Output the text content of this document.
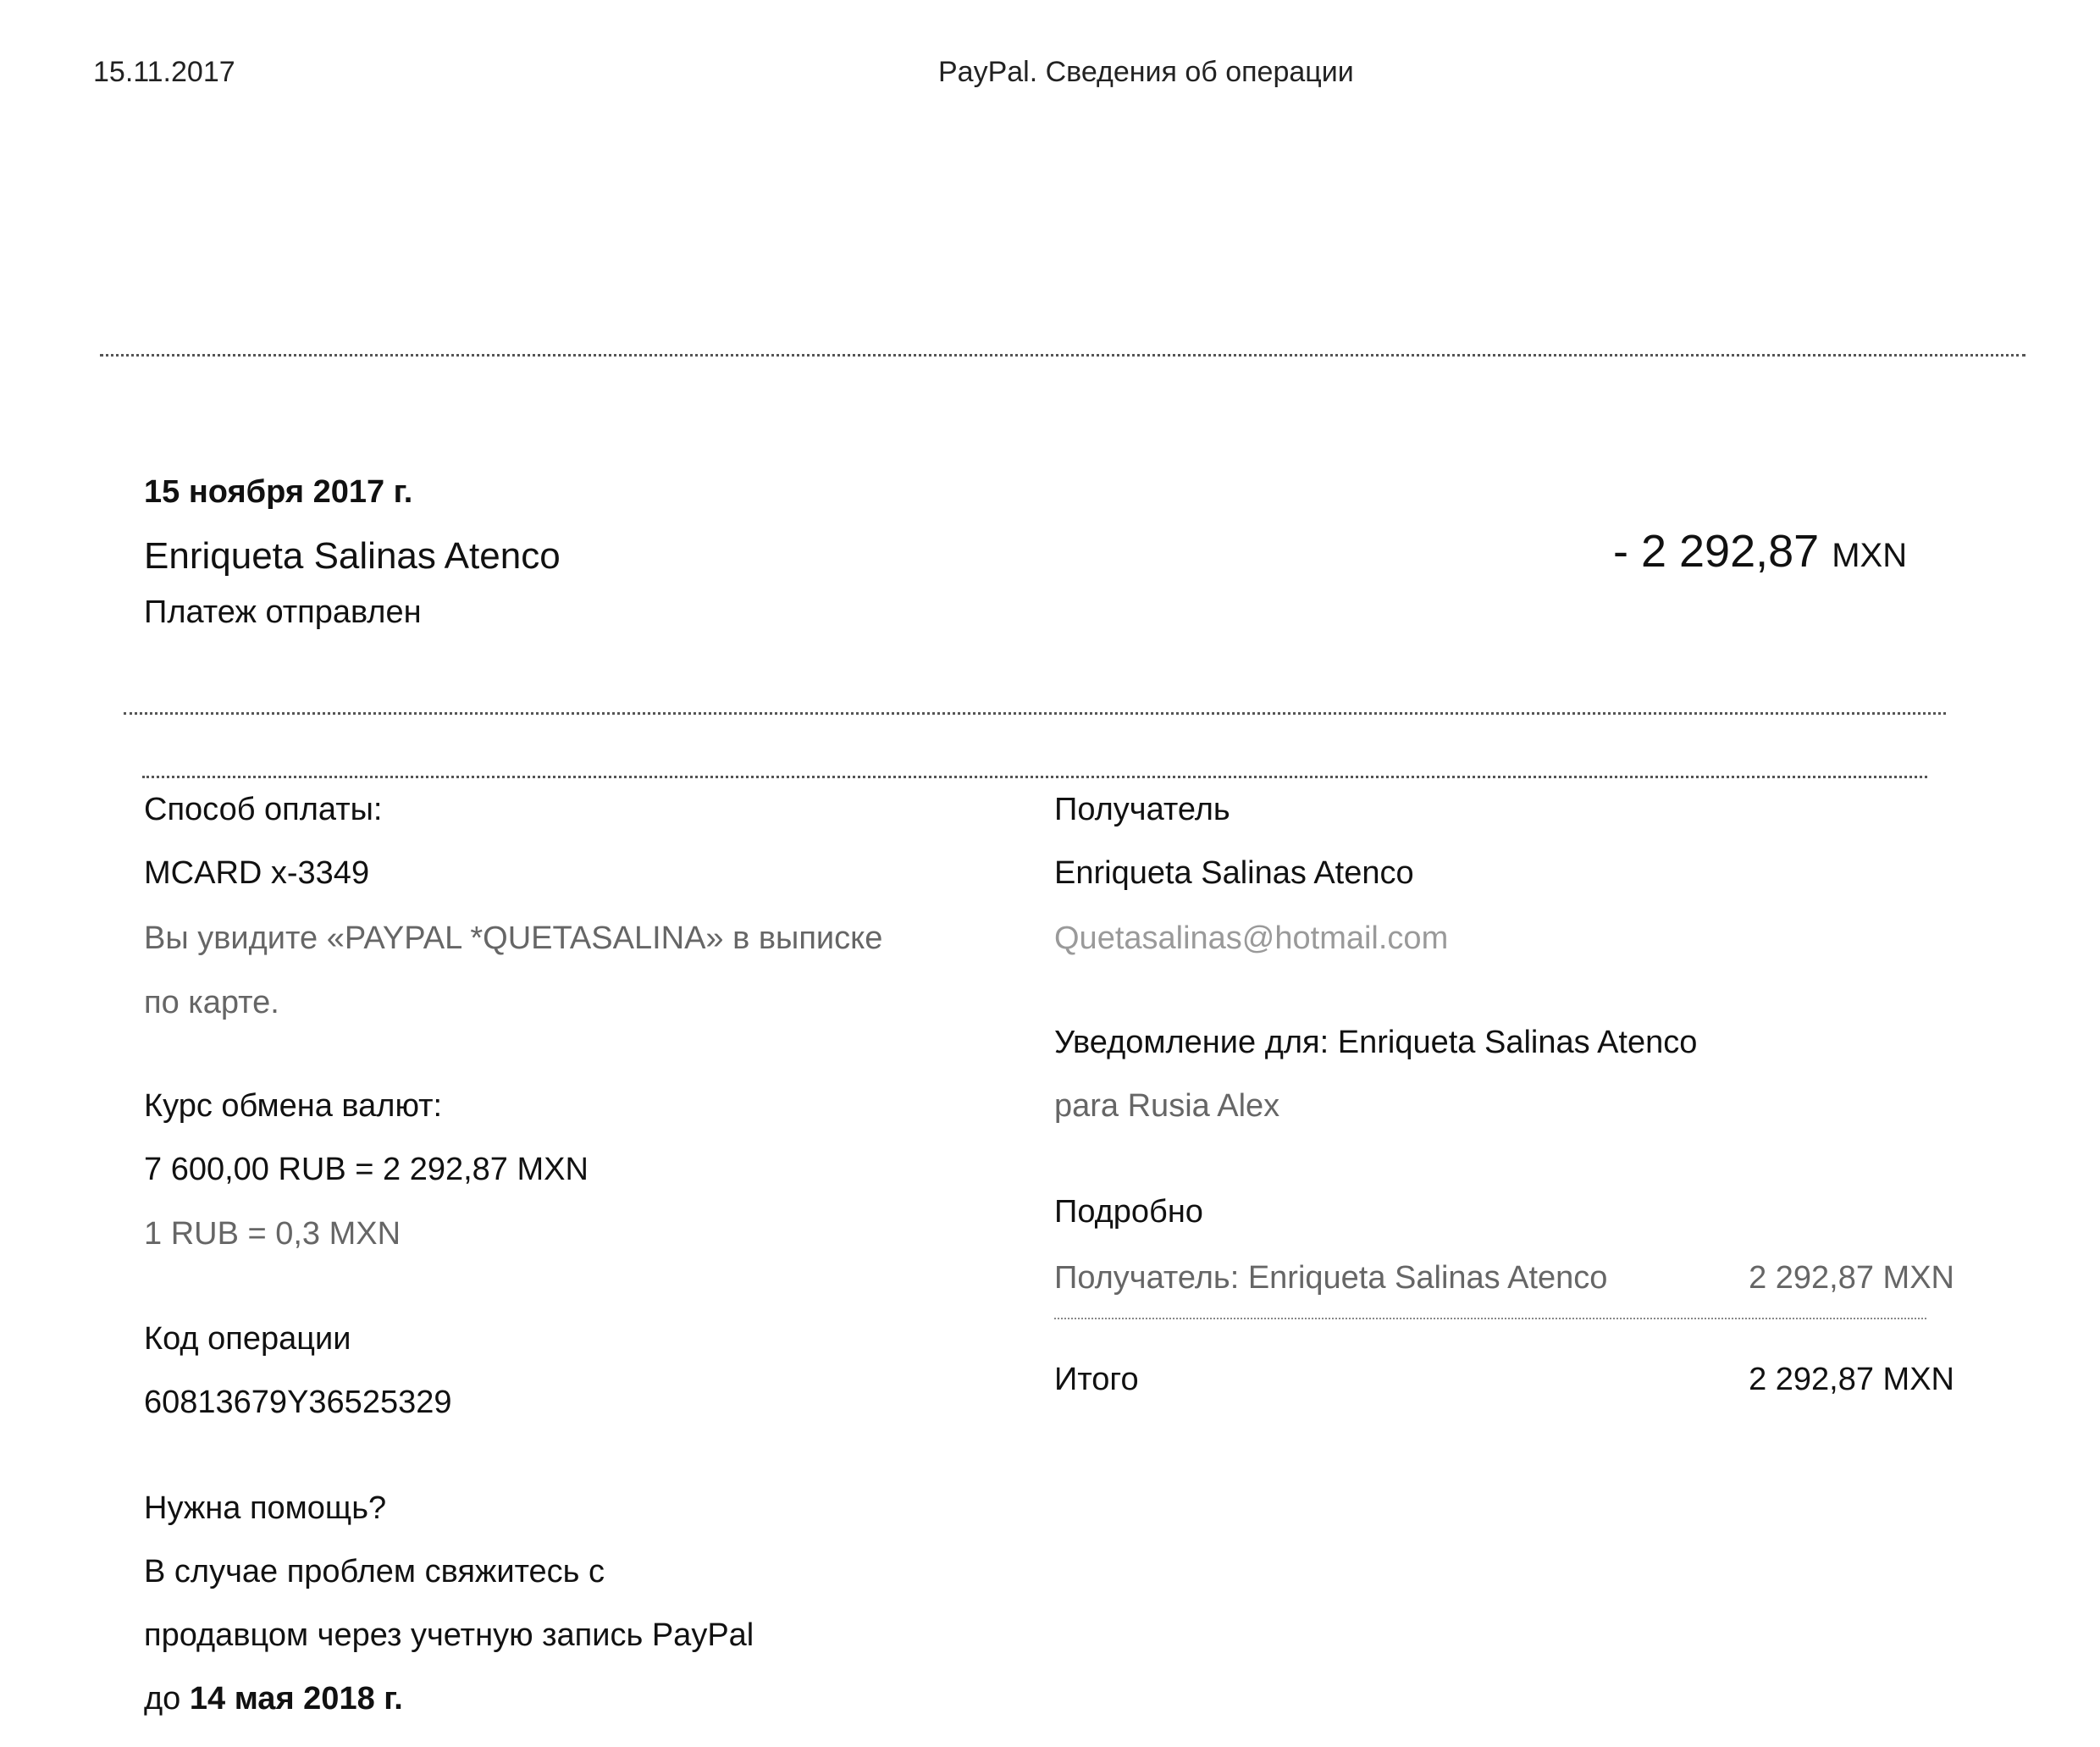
15.11.2017	PayPal. Сведения об операции
15 ноября 2017 г.
Enriqueta Salinas Atenco
Платеж отправлен
- 2 292,87 MXN
Способ оплаты:
MCARD x-3349
Вы увидите «PAYPAL *QUETASALINA» в выписке
по карте.
Курс обмена валют:
7 600,00 RUB = 2 292,87 MXN
1 RUB = 0,3 MXN
Код операции
60813679Y36525329
Нужна помощь?
В случае проблем свяжитесь с
продавцом через учетную запись PayPal
до 14 мая 2018 г.
Получатель
Enriqueta Salinas Atenco
Quetasalinas@hotmail.com
Уведомление для: Enriqueta Salinas Atenco
para Rusia Alex
Подробно
Получатель: Enriqueta Salinas Atenco	2 292,87 MXN
Итого	2 292,87 MXN
